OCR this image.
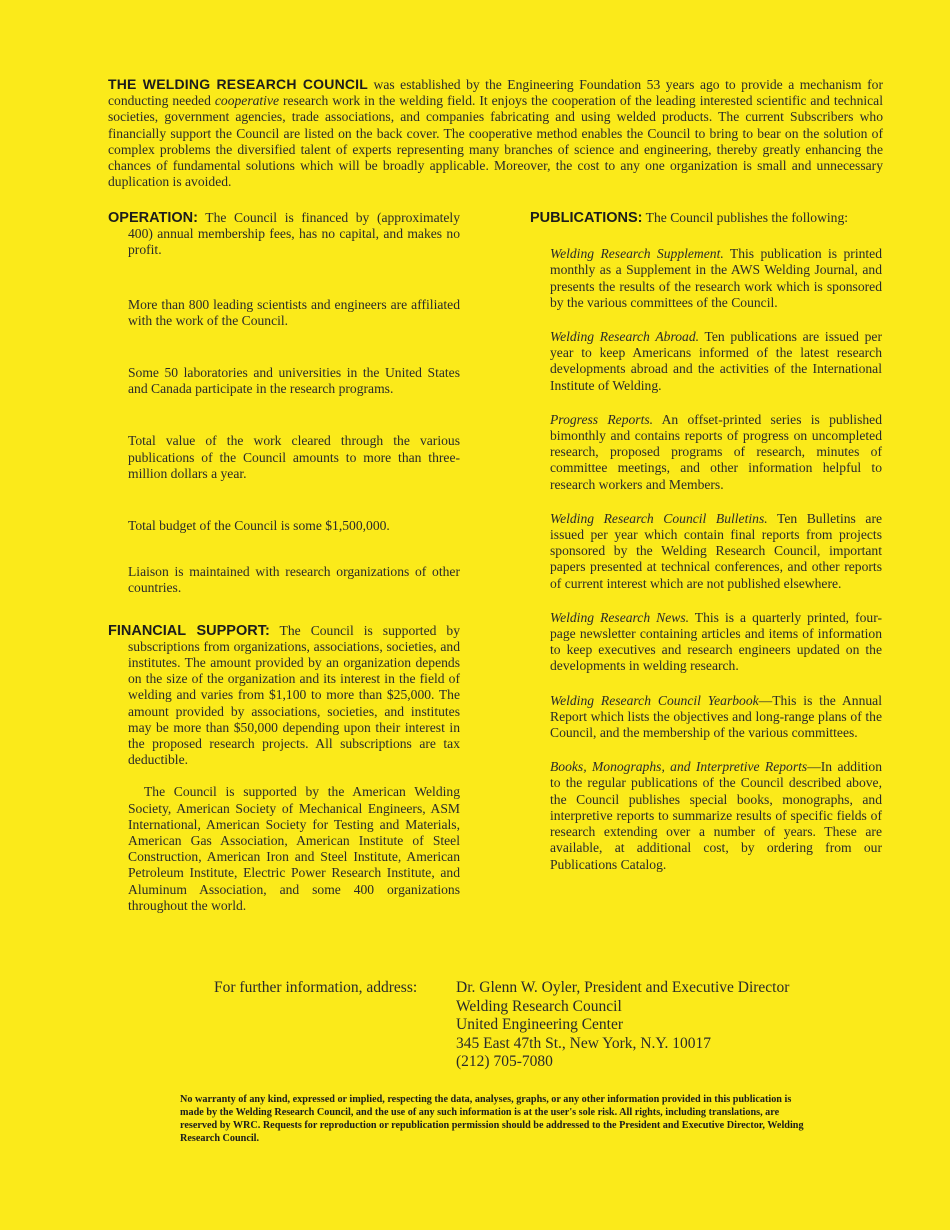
THE WELDING RESEARCH COUNCIL was established by the Engineering Foundation 53 years ago to provide a mechanism for conducting needed cooperative research work in the welding field. It enjoys the cooperation of the leading interested scientific and technical societies, government agencies, trade associations, and companies fabricating and using welded products. The current Subscribers who financially support the Council are listed on the back cover. The cooperative method enables the Council to bring to bear on the solution of complex problems the diversified talent of experts representing many branches of science and engineering, thereby greatly enhancing the chances of fundamental solutions which will be broadly applicable. Moreover, the cost to any one organization is small and unnecessary duplication is avoided.

OPERATION: The Council is financed by (approximately 400) annual membership fees, has no capital, and makes no profit.

More than 800 leading scientists and engineers are affiliated with the work of the Council.

Some 50 laboratories and universities in the United States and Canada participate in the research programs.

Total value of the work cleared through the various publications of the Council amounts to more than three-million dollars a year.

Total budget of the Council is some $1,500,000.

Liaison is maintained with research organizations of other countries.

FINANCIAL SUPPORT: The Council is supported by subscriptions from organizations, associations, societies, and institutes. The amount provided by an organization depends on the size of the organization and its interest in the field of welding and varies from $1,100 to more than $25,000. The amount provided by associations, societies, and institutes may be more than $50,000 depending upon their interest in the proposed research projects. All subscriptions are tax deductible.

The Council is supported by the American Welding Society, American Society of Mechanical Engineers, ASM International, American Society for Testing and Materials, American Gas Association, American Institute of Steel Construction, American Iron and Steel Institute, American Petroleum Institute, Electric Power Research Institute, and Aluminum Association, and some 400 organizations throughout the world.

PUBLICATIONS: The Council publishes the following:

Welding Research Supplement. This publication is printed monthly as a Supplement in the AWS Welding Journal, and presents the results of the research work which is sponsored by the various committees of the Council.

Welding Research Abroad. Ten publications are issued per year to keep Americans informed of the latest research developments abroad and the activities of the International Institute of Welding.

Progress Reports. An offset-printed series is published bimonthly and contains reports of progress on uncompleted research, proposed programs of research, minutes of committee meetings, and other information helpful to research workers and Members.

Welding Research Council Bulletins. Ten Bulletins are issued per year which contain final reports from projects sponsored by the Welding Research Council, important papers presented at technical conferences, and other reports of current interest which are not published elsewhere.

Welding Research News. This is a quarterly printed, four-page newsletter containing articles and items of information to keep executives and research engineers updated on the developments in welding research.

Welding Research Council Yearbook—This is the Annual Report which lists the objectives and long-range plans of the Council, and the membership of the various committees.

Books, Monographs, and Interpretive Reports—In addition to the regular publications of the Council described above, the Council publishes special books, monographs, and interpretive reports to summarize results of specific fields of research extending over a number of years. These are available, at additional cost, by ordering from our Publications Catalog.

For further information, address:	Dr. Glenn W. Oyler, President and Executive Director
Welding Research Council
United Engineering Center
345 East 47th St., New York, N.Y. 10017
(212) 705-7080
No warranty of any kind, expressed or implied, respecting the data, analyses, graphs, or any other information provided in this publication is made by the Welding Research Council, and the use of any such information is at the user's sole risk. All rights, including translations, are reserved by WRC. Requests for reproduction or republication permission should be addressed to the President and Executive Director, Welding Research Council.
